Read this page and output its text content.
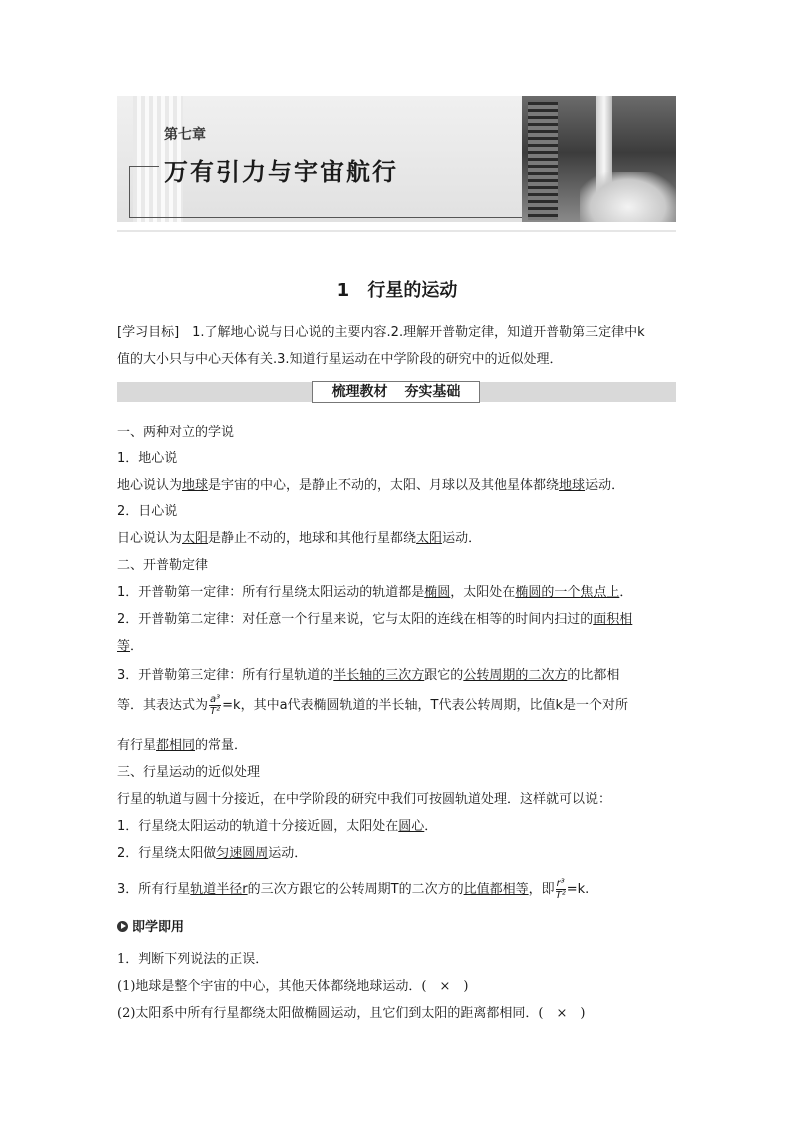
第七章
万有引力与宇宙航行
1 行星的运动
[学习目标]　1.了解地心说与日心说的主要内容.2.理解开普勒定律，知道开普勒第三定律中k
值的大小只与中心天体有关.3.知道行星运动在中学阶段的研究中的近似处理．
梳理教材 夯实基础
一、两种对立的学说
1．地心说
地心说认为地球是宇宙的中心，是静止不动的，太阳、月球以及其他星体都绕地球运动．
2．日心说
日心说认为太阳是静止不动的，地球和其他行星都绕太阳运动．
二、开普勒定律
1．开普勒第一定律：所有行星绕太阳运动的轨道都是椭圆，太阳处在椭圆的一个焦点上．
2．开普勒第二定律：对任意一个行星来说，它与太阳的连线在相等的时间内扫过的面积相
等．
3．开普勒第三定律：所有行星轨道的半长轴的三次方跟它的公转周期的二次方的比都相
等．其表达式为 $\frac{\text{a³}}{\text{T²}} =k$，其中a代表椭圆轨道的半长轴，T代表公转周期，比值k是一个对所
有行星都相同的常量．
三、行星运动的近似处理
行星的轨道与圆十分接近，在中学阶段的研究中我们可按圆轨道处理．这样就可以说：
1．行星绕太阳运动的轨道十分接近圆，太阳处在圆心．
2．行星绕太阳做匀速圆周运动．
3．所有行星轨道半径r的三次方跟它的公转周期T的二次方的比值都相等，即 $\frac{\text{r³}}{\text{T²}} =k$.
即学即用
1．判断下列说法的正误．
(1)地球是整个宇宙的中心，其他天体都绕地球运动．(　×　)
(2)太阳系中所有行星都绕太阳做椭圆运动，且它们到太阳的距离都相同．(　×　)
